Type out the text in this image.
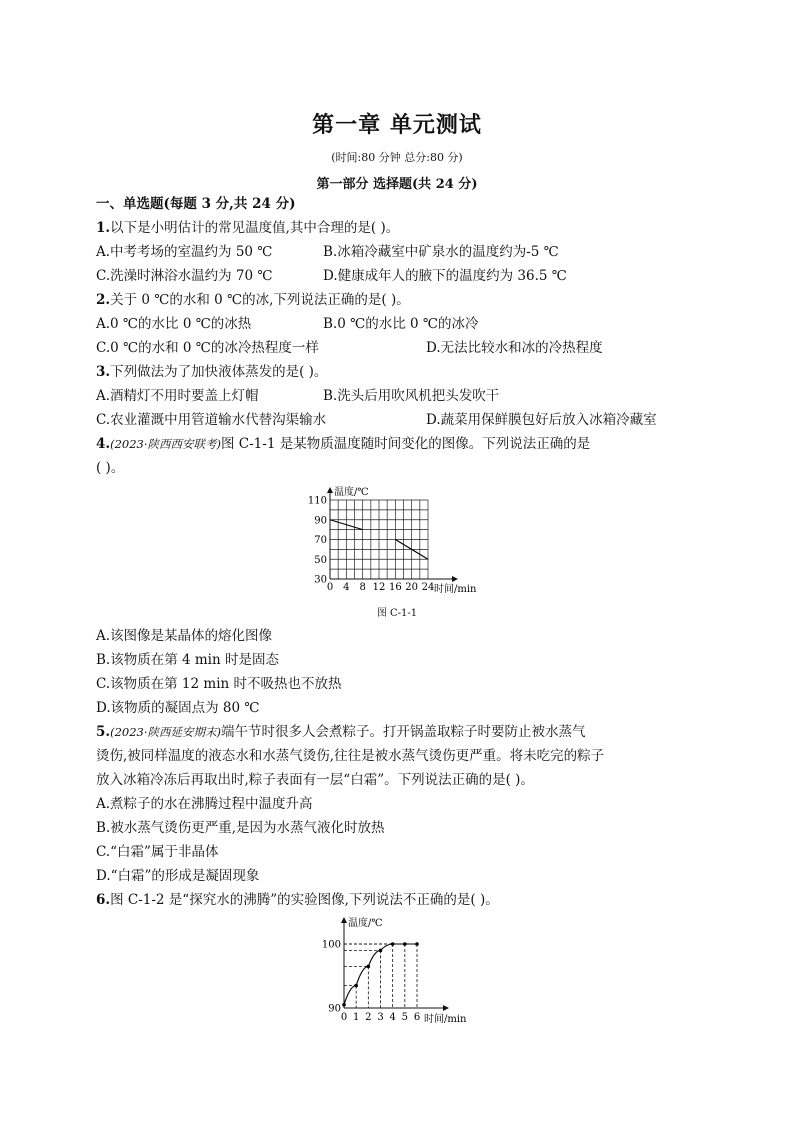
第一章 单元测试
(时间:80 分钟 总分:80 分)
第一部分 选择题(共 24 分)
一、单选题(每题 3 分,共 24 分)
1.以下是小明估计的常见温度值,其中合理的是( )。
A.中考考场的室温约为 50 ℃	B.冰箱冷藏室中矿泉水的温度约为-5 ℃
C.洗澡时淋浴水温约为 70 ℃	D.健康成年人的腋下的温度约为 36.5 ℃
2.关于 0 ℃的水和 0 ℃的冰,下列说法正确的是( )。
A.0 ℃的水比 0 ℃的冰热	B.0 ℃的水比 0 ℃的冰冷
C.0 ℃的水和 0 ℃的冰冷热程度一样	D.无法比较水和冰的冷热程度
3.下列做法为了加快液体蒸发的是( )。
A.酒精灯不用时要盖上灯帽	B.洗头后用吹风机把头发吹干
C.农业灌溉中用管道输水代替沟渠输水	D.蔬菜用保鲜膜包好后放入冰箱冷藏室
4.(2023·陕西西安联考)图 C-1-1 是某物质温度随时间变化的图像。下列说法正确的是
( )。
温度/℃
时间/min
30
50
70
90
110
0 4 8 12 16 20 24
图 C-1-1
A.该图像是某晶体的熔化图像
B.该物质在第 4 min 时是固态
C.该物质在第 12 min 时不吸热也不放热
D.该物质的凝固点为 80 ℃
5.(2023·陕西延安期末)端午节时很多人会煮粽子。打开锅盖取粽子时要防止被水蒸气
烫伤,被同样温度的液态水和水蒸气烫伤,往往是被水蒸气烫伤更严重。将未吃完的粽子
放入冰箱冷冻后再取出时,粽子表面有一层“白霜”。下列说法正确的是( )。
A.煮粽子的水在沸腾过程中温度升高
B.被水蒸气烫伤更严重,是因为水蒸气液化时放热
C.“白霜”属于非晶体
D.“白霜”的形成是凝固现象
6.图 C-1-2 是“探究水的沸腾”的实验图像,下列说法不正确的是( )。
温度/℃
时间/min
90
100
0 1 2 3 4 5 6
